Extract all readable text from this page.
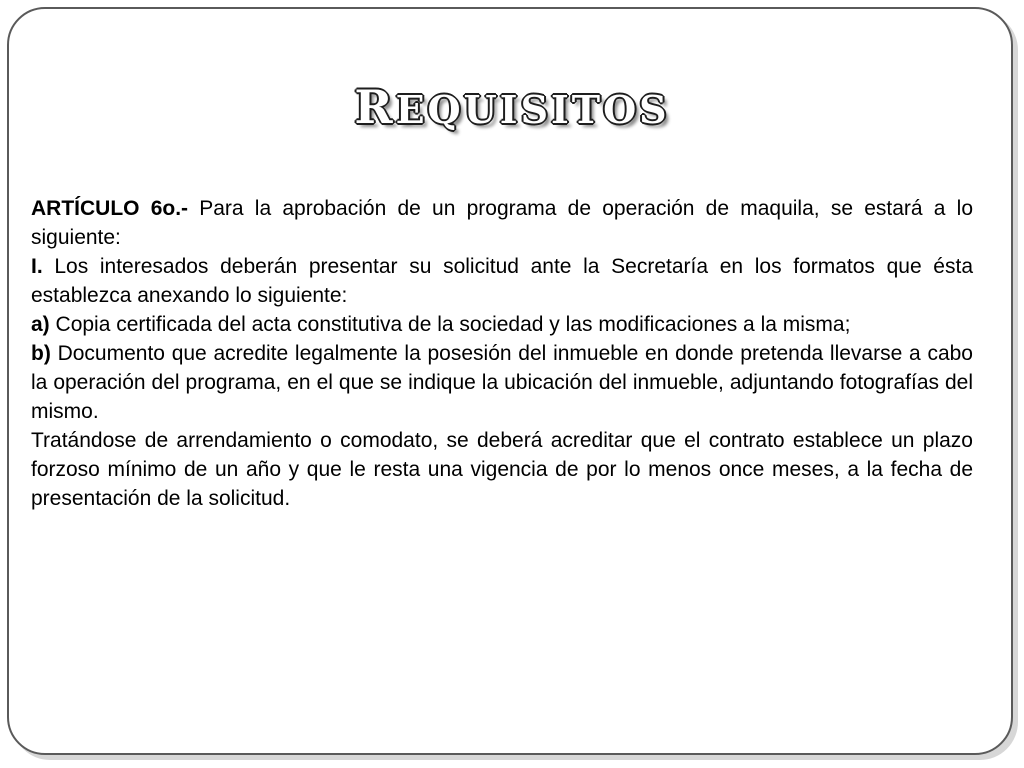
REQUISITOS

ARTÍCULO 6o.- Para la aprobación de un programa de operación de maquila, se estará a lo siguiente:

I. Los interesados deberán presentar su solicitud ante la Secretaría en los formatos que ésta establezca anexando lo siguiente:

a) Copia certificada del acta constitutiva de la sociedad y las modificaciones a la misma;

b) Documento que acredite legalmente la posesión del inmueble en donde pretenda llevarse a cabo la operación del programa, en el que se indique la ubicación del inmueble, adjuntando fotografías del mismo.

Tratándose de arrendamiento o comodato, se deberá acreditar que el contrato establece un plazo forzoso mínimo de un año y que le resta una vigencia de por lo menos once meses, a la fecha de presentación de la solicitud.
